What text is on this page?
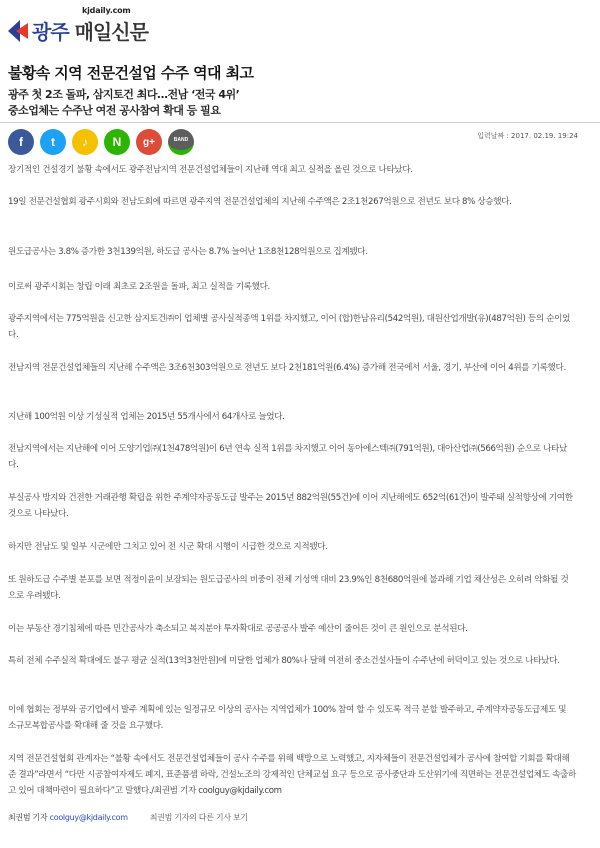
kjdaily.com
광주 매일신문
불황속 지역 전문건설업 수주 역대 최고
광주 첫 2조 돌파, 삼지토건 최다…전남 ‘전국 4위’
중소업체는 수주난 여전 공사참여 확대 등 필요
f	t	♪	N	g+	BAND	입력날짜 : 2017. 02.19. 19:24

장기적인 건설경기 불황 속에서도 광주전남지역 전문건설업체들이 지난해 역대 최고 실적을 올린 것으로 나타났다.

19일 전문건설협회 광주시회와 전남도회에 따르면 광주지역 전문건설업체의 지난해 수주액은 2조1천267억원으로 전년도 보다 8% 상승했다.

원도급공사는 3.8% 증가한 3천139억원, 하도급 공사는 8.7% 늘어난 1조8천128억원으로 집계됐다.

이로써 광주시회는 창립 이래 최초로 2조원을 돌파, 최고 실적을 기록했다.

광주지역에서는 775억원을 신고한 삼지토건㈜이 업체별 공사실적종액 1위를 차지했고, 이어 (합)한남유리(542억원), 대원산업개발(유)(487억원) 등의 순이었다.

전남지역 전문건설업체들의 지난해 수주액은 3조6천303억원으로 전년도 보다 2천181억원(6.4%) 증가해 전국에서 서울, 경기, 부산에 이어 4위를 기록했다.

지난해 100억원 이상 기성실적 업체는 2015년 55개사에서 64개사로 늘었다.

전남지역에서는 지난해에 이어 도양기업㈜(1천478억원)이 6년 연속 실적 1위를 차지했고 이어 동아에스텍㈜(791억원), 대아산업㈜(566억원) 순으로 나타났다.

부실공사 방지와 건전한 거래관행 확립을 위한 주계약자공동도급 발주는 2015년 882억원(55건)에 이어 지난해에도 652억(61건)이 발주돼 실적향상에 기여한 것으로 나타났다.

하지만 전남도 및 일부 시군에만 그치고 있어 전 시군 확대 시행이 시급한 것으로 지적됐다.

또 원하도급 수주별 분포를 보면 적정이윤이 보장되는 원도급공사의 비중이 전체 기성액 대비 23.9%인 8천680억원에 불과해 기업 채산성은 오히려 악화될 것으로 우려됐다.

이는 부동산 경기침체에 따른 민간공사가 축소되고 복지분야 투자확대로 공공공사 발주 예산이 줄어든 것이 큰 원인으로 분석된다.

특히 전체 수주실적 확대에도 불구 평균 실적(13억3천만원)에 미달한 업체가 80%나 달해 여전히 중소건설사들이 수주난에 허덕이고 있는 것으로 나타났다.

이에 협회는 정부와 공기업에서 발주 계획에 있는 일정규모 이상의 공사는 지역업체가 100% 참여 할 수 있도록 적극 분할 발주하고, 주계약자공동도급제도 및 소규모복합공사를 확대해 줄 것을 요구했다.

지역 전문건설협회 관계자는 “불황 속에서도 전문건설업체들이 공사 수주를 위해 백방으로 노력했고, 지자체들이 전문건설업체가 공사에 참여할 기회를 확대해준 결과”라면서 “다만 시공참여자제도 폐지, 표준품셈 하락, 건설노조의 강제적인 단체교섭 요구 등으로 공사중단과 도산위기에 직면하는 전문건설업체도 속출하고 있어 대책마련이 필요하다”고 말했다./최권범 기자 coolguy@kjdaily.com

최권범 기자 coolguy@kjdaily.com	최권범 기자의 다른 기사 보기
